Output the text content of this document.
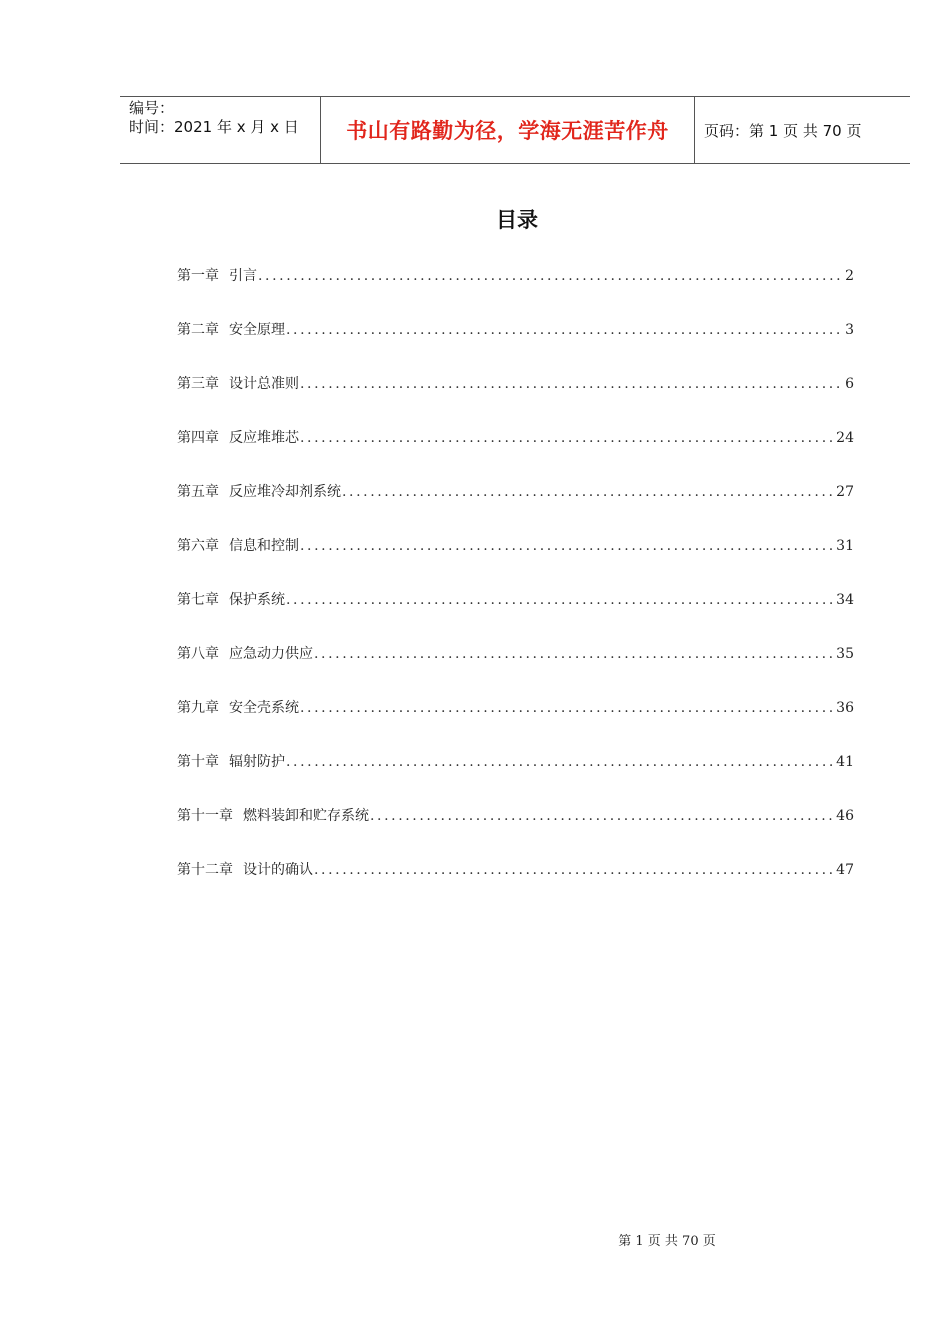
编号：
时间：2021 年 x 月 x 日 书山有路勤为径，学海无涯苦作舟 页码：第 1 页 共 70 页
目录
第一章 引言 .....	2
第二章 安全原理 .....	3
第三章 设计总准则 .....	6
第四章 反应堆堆芯 .....	24
第五章 反应堆冷却剂系统 .....	27
第六章 信息和控制 .....	31
第七章 保护系统 .....	34
第八章 应急动力供应 .....	35
第九章 安全壳系统 .....	36
第十章 辐射防护 .....	41
第十一章 燃料装卸和贮存系统 .....	46
第十二章 设计的确认 .....	47
第 1 页 共 70 页
